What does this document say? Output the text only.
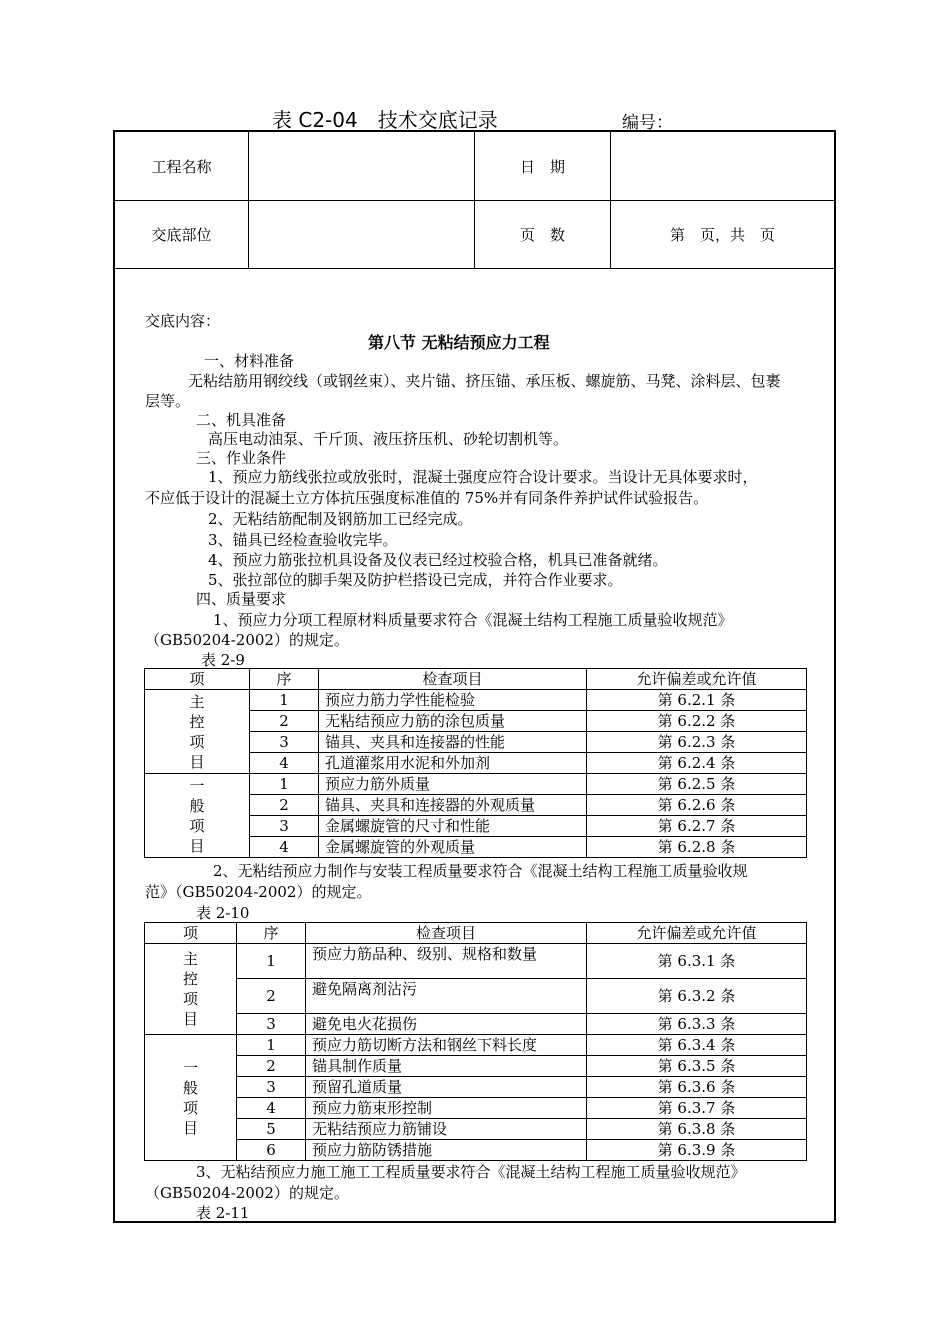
表 C2-04　技术交底记录	编号：
工程名称	日　期
交底部位	页　数	第　页，共　页
交底内容：
第八节 无粘结预应力工程
一、材料准备
无粘结筋用钢绞线（或钢丝束）、夹片锚、挤压锚、承压板、螺旋筋、马凳、涂料层、包裹
层等。
二、机具准备
高压电动油泵、千斤顶、液压挤压机、砂轮切割机等。
三、作业条件
1、预应力筋线张拉或放张时，混凝土强度应符合设计要求。当设计无具体要求时，
不应低于设计的混凝土立方体抗压强度标准值的 75%并有同条件养护试件试验报告。
2、无粘结筋配制及钢筋加工已经完成。
3、锚具已经检查验收完毕。
4、预应力筋张拉机具设备及仪表已经过校验合格，机具已准备就绪。
5、张拉部位的脚手架及防护栏搭设已完成，并符合作业要求。
四、质量要求
1、预应力分项工程原材料质量要求符合《混凝土结构工程施工质量验收规范》
（GB50204-2002）的规定。
表 2-9
项	序	检查项目	允许偏差或允许值
主
控
项
目	1	预应力筋力学性能检验	第 6.2.1 条
	2	无粘结预应力筋的涂包质量	第 6.2.2 条
	3	锚具、夹具和连接器的性能	第 6.2.3 条
	4	孔道灌浆用水泥和外加剂	第 6.2.4 条
一
般
项
目	1	预应力筋外质量	第 6.2.5 条
	2	锚具、夹具和连接器的外观质量	第 6.2.6 条
	3	金属螺旋管的尺寸和性能	第 6.2.7 条
	4	金属螺旋管的外观质量	第 6.2.8 条
2、无粘结预应力制作与安装工程质量要求符合《混凝土结构工程施工质量验收规
范》（GB50204-2002）的规定。
表 2-10
项	序	检查项目	允许偏差或允许值
主
控
项
目	1	预应力筋品种、级别、规格和数量	第 6.3.1 条
	2	避免隔离剂沾污	第 6.3.2 条
	3	避免电火花损伤	第 6.3.3 条
一
般
项
目	1	预应力筋切断方法和钢丝下料长度	第 6.3.4 条
	2	锚具制作质量	第 6.3.5 条
	3	预留孔道质量	第 6.3.6 条
	4	预应力筋束形控制	第 6.3.7 条
	5	无粘结预应力筋铺设	第 6.3.8 条
	6	预应力筋防锈措施	第 6.3.9 条
3、无粘结预应力施工施工工程质量要求符合《混凝土结构工程施工质量验收规范》
（GB50204-2002）的规定。
表 2-11
